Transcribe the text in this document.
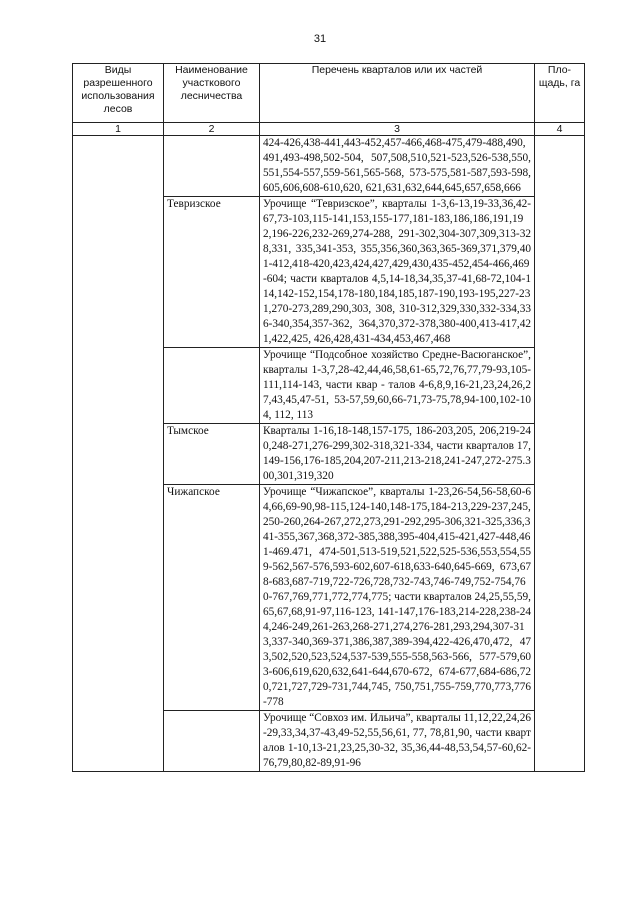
31
Виды разрешенного использования лесов	Наименование участкового лесничества	Перечень кварталов или их частей	Пло-щадь, га
1	2	3	4
		424-426,438-441,443-452,457-466,468-475,479-488,490,491,493-498,502-504, 507,508,510,521-523,526-538,550,551,554-557,559-561,565-568, 573-575,581-587,593-598,605,606,608-610,620, 621,631,632,644,645,657,658,666	
	Тевризское	Урочище “Тевризское”, кварталы 1-3,6-13,19-33,36,42-67,73-103,115-141,153,155-177,181-183,186,186,191,192,196-226,232-269,274-288, 291-302,304-307,309,313-328,331, 335,341-353, 355,356,360,363,365-369,371,379,401-412,418-420,423,424,427,429,430,435-452,454-466,469-604; части кварталов 4,5,14-18,34,35,37-41,68-72,104-114,142-152,154,178-180,184,185,187-190,193-195,227-231,270-273,289,290,303, 308, 310-312,329,330,332-334,336-340,354,357-362, 364,370,372-378,380-400,413-417,421,422,425, 426,428,431-434,453,467,468	
		Урочище “Подсобное хозяйство Средне-Васюганское”, кварталы 1-3,7,28-42,44,46,58,61-65,72,76,77,79-93,105-111,114-143, части квар - талов 4-6,8,9,16-21,23,24,26,27,43,45,47-51, 53-57,59,60,66-71,73-75,78,94-100,102-104, 112, 113	
	Тымское	Кварталы 1-16,18-148,157-175, 186-203,205, 206,219-240,248-271,276-299,302-318,321-334, части кварталов 17,149-156,176-185,204,207-211,213-218,241-247,272-275.300,301,319,320	
	Чижапское	Урочище “Чижапское”, кварталы 1-23,26-54,56-58,60-64,66,69-90,98-115,124-140,148-175,184-213,229-237,245,250-260,264-267,272,273,291-292,295-306,321-325,336,341-355,367,368,372-385,388,395-404,415-421,427-448,461-469.471, 474-501,513-519,521,522,525-536,553,554,559-562,567-576,593-602,607-618,633-640,645-669, 673,678-683,687-719,722-726,728,732-743,746-749,752-754,760-767,769,771,772,774,775; части кварталов 24,25,55,59,65,67,68,91-97,116-123, 141-147,176-183,214-228,238-244,246-249,261-263,268-271,274,276-281,293,294,307-313,337-340,369-371,386,387,389-394,422-426,470,472, 473,502,520,523,524,537-539,555-558,563-566, 577-579,603-606,619,620,632,641-644,670-672, 674-677,684-686,720,721,727,729-731,744,745, 750,751,755-759,770,773,776-778	
		Урочище “Совхоз им. Ильича”, кварталы 11,12,22,24,26-29,33,34,37-43,49-52,55,56,61, 77, 78,81,90, части кварталов 1-10,13-21,23,25,30-32, 35,36,44-48,53,54,57-60,62-76,79,80,82-89,91-96	
